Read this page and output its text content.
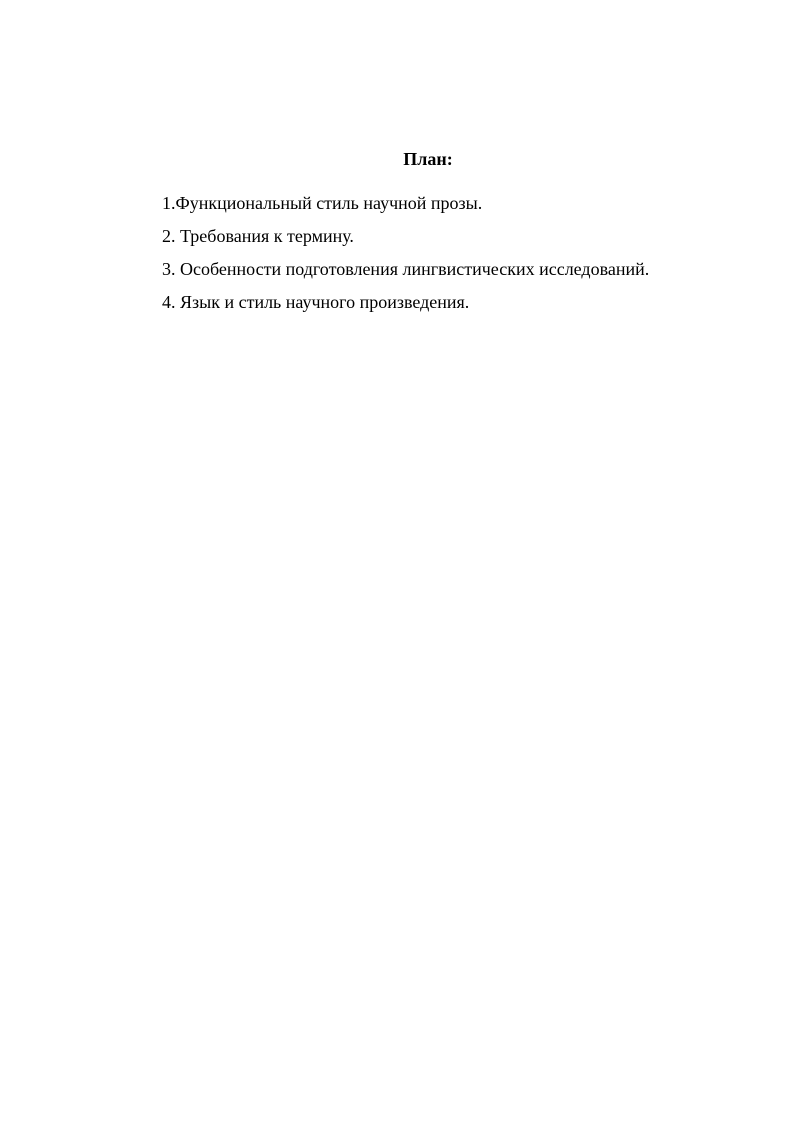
План:
1.Функциональный стиль научной прозы.
2. Требования к термину.
3. Особенности подготовления лингвистических исследований.
4. Язык и стиль научного произведения.
